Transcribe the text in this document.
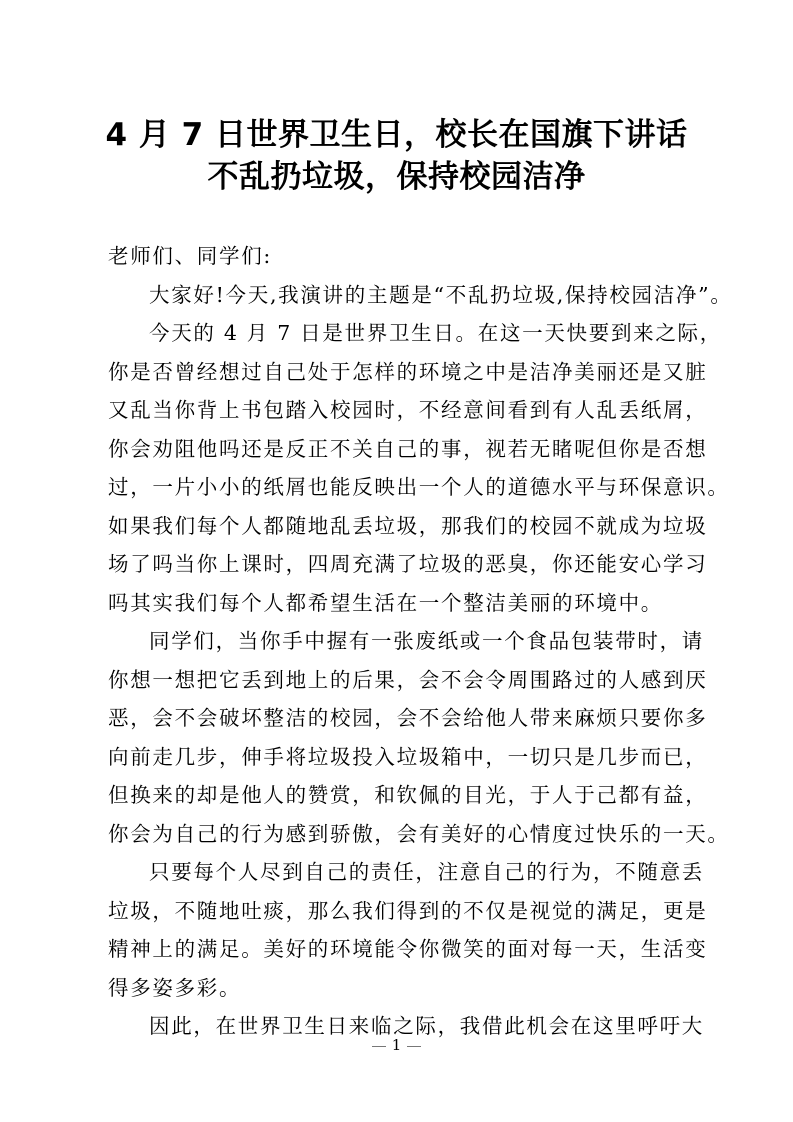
4 月 7 日世界卫生日，校长在国旗下讲话
不乱扔垃圾，保持校园洁净
老师们、同学们:
大家好!今天,我演讲的主题是“不乱扔垃圾,保持校园洁净”。
今天的 4 月 7 日是世界卫生日。在这一天快要到来之际，
你是否曾经想过自己处于怎样的环境之中是洁净美丽还是又脏
又乱当你背上书包踏入校园时，不经意间看到有人乱丢纸屑，
你会劝阻他吗还是反正不关自己的事，视若无睹呢但你是否想
过，一片小小的纸屑也能反映出一个人的道德水平与环保意识。
如果我们每个人都随地乱丢垃圾，那我们的校园不就成为垃圾
场了吗当你上课时，四周充满了垃圾的恶臭，你还能安心学习
吗其实我们每个人都希望生活在一个整洁美丽的环境中。
同学们，当你手中握有一张废纸或一个食品包装带时，请
你想一想把它丢到地上的后果，会不会令周围路过的人感到厌
恶，会不会破坏整洁的校园，会不会给他人带来麻烦只要你多
向前走几步，伸手将垃圾投入垃圾箱中，一切只是几步而已，
但换来的却是他人的赞赏，和钦佩的目光，于人于己都有益，
你会为自己的行为感到骄傲，会有美好的心情度过快乐的一天。
只要每个人尽到自己的责任，注意自己的行为，不随意丢
垃圾，不随地吐痰，那么我们得到的不仅是视觉的满足，更是
精神上的满足。美好的环境能令你微笑的面对每一天，生活变
得多姿多彩。
因此，在世界卫生日来临之际，我借此机会在这里呼吁大
1
